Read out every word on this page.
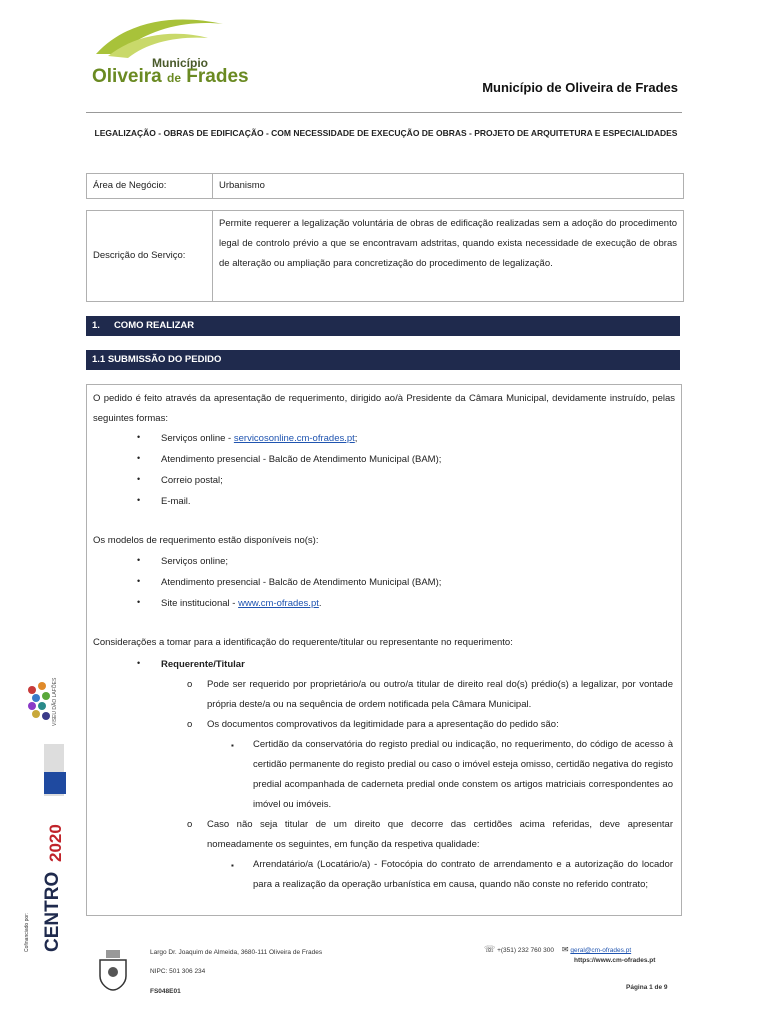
Município
Oliveira de Frades
Município de Oliveira de Frades
LEGALIZAÇÃO - OBRAS DE EDIFICAÇÃO - COM NECESSIDADE DE EXECUÇÃO DE OBRAS - PROJETO DE ARQUITETURA E ESPECIALIDADES
Área de Negócio:	Urbanismo
Descrição do Serviço:
Permite requerer a legalização voluntária de obras de edificação realizadas sem a adoção do procedimento legal de controlo prévio a que se encontravam adstritas, quando exista necessidade de execução de obras de alteração ou ampliação para concretização do procedimento de legalização.
1. COMO REALIZAR
1.1 SUBMISSÃO DO PEDIDO
O pedido é feito através da apresentação de requerimento, dirigido ao/à Presidente da Câmara Municipal, devidamente instruído, pelas seguintes formas:
• Serviços online - servicosonline.cm-ofrades.pt;
• Atendimento presencial - Balcão de Atendimento Municipal (BAM);
• Correio postal;
• E-mail.
Os modelos de requerimento estão disponíveis no(s):
• Serviços online;
• Atendimento presencial - Balcão de Atendimento Municipal (BAM);
• Site institucional - www.cm-ofrades.pt.
Considerações a tomar para a identificação do requerente/titular ou representante no requerimento:
• Requerente/Titular
o Pode ser requerido por proprietário/a ou outro/a titular de direito real do(s) prédio(s) a legalizar, por vontade própria deste/a ou na sequência de ordem notificada pela Câmara Municipal.
o Os documentos comprovativos da legitimidade para a apresentação do pedido são:
▪ Certidão da conservatória do registo predial ou indicação, no requerimento, do código de acesso à certidão permanente do registo predial ou caso o imóvel esteja omisso, certidão negativa do registo predial acompanhada de caderneta predial onde constem os artigos matriciais correspondentes ao imóvel ou imóveis.
o Caso não seja titular de um direito que decorre das certidões acima referidas, deve apresentar nomeadamente os seguintes, em função da respetiva qualidade:
▪ Arrendatário/a (Locatário/a) - Fotocópia do contrato de arrendamento e a autorização do locador para a realização da operação urbanística em causa, quando não conste no referido contrato;
VISEU DÃO LAFÕES
2020
CENTRO
Cofinanciado por:
Largo Dr. Joaquim de Almeida, 3680-111 Oliveira de Frades
NIPC: 501 306 234
FS048E01
☏ +(351) 232 760 300 ✉ geral@cm-ofrades.pt
https://www.cm-ofrades.pt
Página 1 de 9
